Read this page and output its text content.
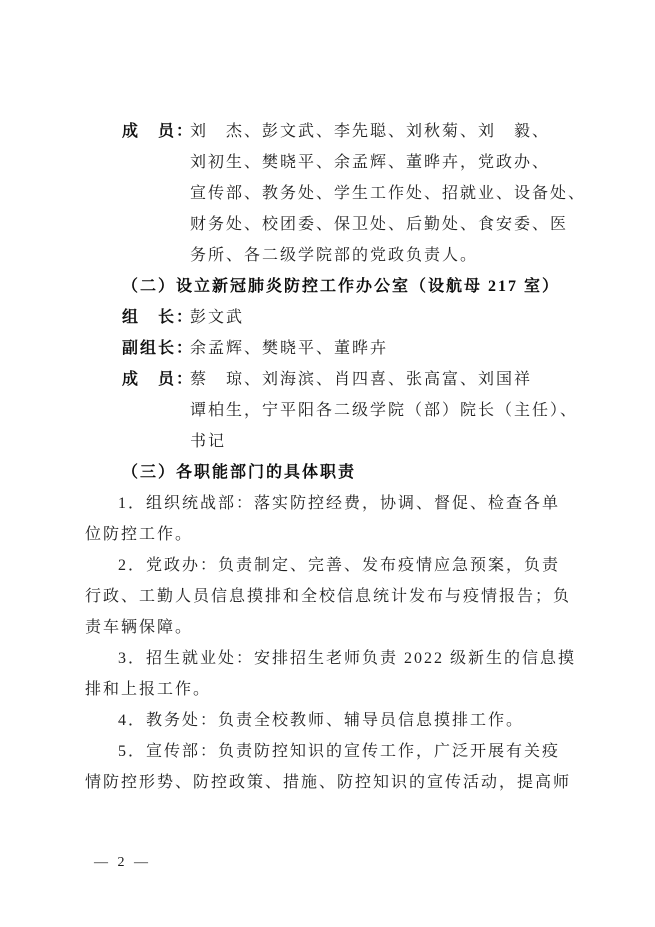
成　员：刘　杰、彭文武、李先聪、刘秋菊、刘　毅、
刘初生、樊晓平、余孟辉、董晔卉，党政办、
宣传部、教务处、学生工作处、招就业、设备处、
财务处、校团委、保卫处、后勤处、食安委、医
务所、各二级学院部的党政负责人。
（二）设立新冠肺炎防控工作办公室（设航母 217 室）
组　长：彭文武
副组长：余孟辉、樊晓平、董晔卉
成　员：蔡　琼、刘海滨、肖四喜、张高富、刘国祥
谭柏生，宁平阳各二级学院（部）院长（主任）、
书记
（三）各职能部门的具体职责
1．组织统战部：落实防控经费，协调、督促、检查各单
位防控工作。
2．党政办：负责制定、完善、发布疫情应急预案，负责
行政、工勤人员信息摸排和全校信息统计发布与疫情报告；负
责车辆保障。
3．招生就业处：安排招生老师负责 2022 级新生的信息摸
排和上报工作。
4．教务处：负责全校教师、辅导员信息摸排工作。
5．宣传部：负责防控知识的宣传工作，广泛开展有关疫
情防控形势、防控政策、措施、防控知识的宣传活动，提高师
— 2 —
